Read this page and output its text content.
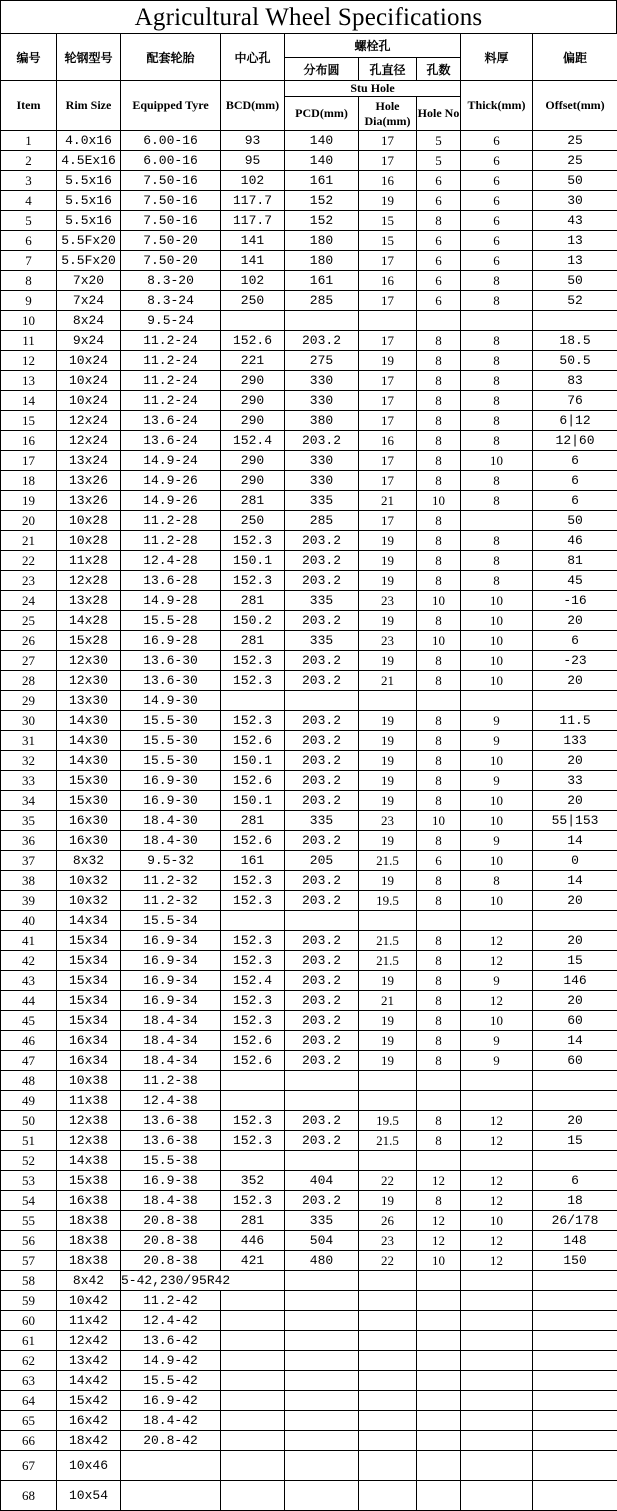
Agricultural Wheel Specifications
编号	轮钢型号	配套轮胎	中心孔	螺栓孔			料厚	偏距
				分布圆	孔直径	孔数		
Item	Rim Size	Equipped Tyre	BCD(mm)	Stu Hole			Thick(mm)	Offset(mm)
				PCD(mm)	Hole Dia(mm)	Hole No		
1	4.0x16	6.00-16	93	140	17	5	6	25
2	4.5Ex16	6.00-16	95	140	17	5	6	25
3	5.5x16	7.50-16	102	161	16	6	6	50
4	5.5x16	7.50-16	117.7	152	19	6	6	30
5	5.5x16	7.50-16	117.7	152	15	8	6	43
6	5.5Fx20	7.50-20	141	180	15	6	6	13
7	5.5Fx20	7.50-20	141	180	17	6	6	13
8	7x20	8.3-20	102	161	16	6	8	50
9	7x24	8.3-24	250	285	17	6	8	52
10	8x24	9.5-24						
11	9x24	11.2-24	152.6	203.2	17	8	8	18.5
12	10x24	11.2-24	221	275	19	8	8	50.5
13	10x24	11.2-24	290	330	17	8	8	83
14	10x24	11.2-24	290	330	17	8	8	76
15	12x24	13.6-24	290	380	17	8	8	6|12
16	12x24	13.6-24	152.4	203.2	16	8	8	12|60
17	13x24	14.9-24	290	330	17	8	10	6
18	13x26	14.9-26	290	330	17	8	8	6
19	13x26	14.9-26	281	335	21	10	8	6
20	10x28	11.2-28	250	285	17	8		50
21	10x28	11.2-28	152.3	203.2	19	8	8	46
22	11x28	12.4-28	150.1	203.2	19	8	8	81
23	12x28	13.6-28	152.3	203.2	19	8	8	45
24	13x28	14.9-28	281	335	23	10	10	-16
25	14x28	15.5-28	150.2	203.2	19	8	10	20
26	15x28	16.9-28	281	335	23	10	10	6
27	12x30	13.6-30	152.3	203.2	19	8	10	-23
28	12x30	13.6-30	152.3	203.2	21	8	10	20
29	13x30	14.9-30						
30	14x30	15.5-30	152.3	203.2	19	8	9	11.5
31	14x30	15.5-30	152.6	203.2	19	8	9	133
32	14x30	15.5-30	150.1	203.2	19	8	10	20
33	15x30	16.9-30	152.6	203.2	19	8	9	33
34	15x30	16.9-30	150.1	203.2	19	8	10	20
35	16x30	18.4-30	281	335	23	10	10	55|153
36	16x30	18.4-30	152.6	203.2	19	8	9	14
37	8x32	9.5-32	161	205	21.5	6	10	0
38	10x32	11.2-32	152.3	203.2	19	8	8	14
39	10x32	11.2-32	152.3	203.2	19.5	8	10	20
40	14x34	15.5-34						
41	15x34	16.9-34	152.3	203.2	21.5	8	12	20
42	15x34	16.9-34	152.3	203.2	21.5	8	12	15
43	15x34	16.9-34	152.4	203.2	19	8	9	146
44	15x34	16.9-34	152.3	203.2	21	8	12	20
45	15x34	18.4-34	152.3	203.2	19	8	10	60
46	16x34	18.4-34	152.6	203.2	19	8	9	14
47	16x34	18.4-34	152.6	203.2	19	8	9	60
48	10x38	11.2-38						
49	11x38	12.4-38						
50	12x38	13.6-38	152.3	203.2	19.5	8	12	20
51	12x38	13.6-38	152.3	203.2	21.5	8	12	15
52	14x38	15.5-38						
53	15x38	16.9-38	352	404	22	12	12	6
54	16x38	18.4-38	152.3	203.2	19	8	12	18
55	18x38	20.8-38	281	335	26	12	10	26/178
56	18x38	20.8-38	446	504	23	12	12	148
57	18x38	20.8-38	421	480	22	10	12	150
58	8x42	5-42,230/95R42						
59	10x42	11.2-42						
60	11x42	12.4-42						
61	12x42	13.6-42						
62	13x42	14.9-42						
63	14x42	15.5-42						
64	15x42	16.9-42						
65	16x42	18.4-42						
66	18x42	20.8-42						
67	10x46							
68	10x54							
